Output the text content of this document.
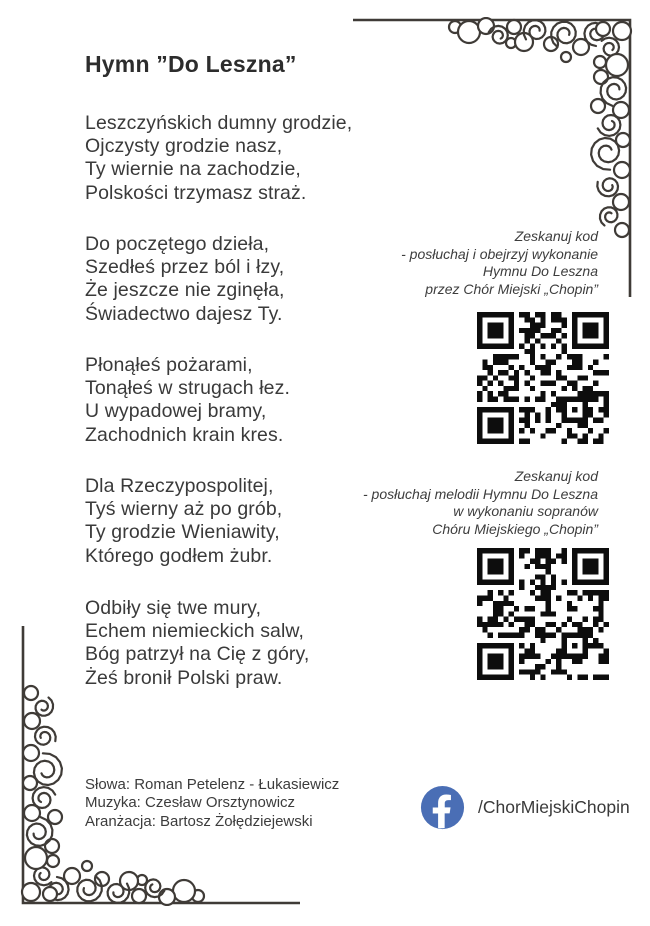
Hymn ”Do Leszna”
Leszczyńskich dumny grodzie,
Ojczysty grodzie nasz,
Ty wiernie na zachodzie,
Polskości trzymasz straż.
Do poczętego dzieła,
Szedłeś przez ból i łzy,
Że jeszcze nie zginęła,
Świadectwo dajesz Ty.
Płonąłeś pożarami,
Tonąłeś w strugach łez.
U wypadowej bramy,
Zachodnich krain kres.
Dla Rzeczypospolitej,
Tyś wierny aż po grób,
Ty grodzie Wieniawity,
Którego godłem żubr.
Odbiły się twe mury,
Echem niemieckich salw,
Bóg patrzył na Cię z góry,
Żeś bronił Polski praw.
Zeskanuj kod
- posłuchaj i obejrzyj wykonanie
Hymnu Do Leszna
przez Chór Miejski „Chopin”
Zeskanuj kod
- posłuchaj melodii Hymnu Do Leszna
w wykonaniu sopranów
Chóru Miejskiego „Chopin”
Słowa: Roman Petelenz - Łukasiewicz
Muzyka: Czesław Orsztynowicz
Aranżacja: Bartosz Żołędziejewski
/ChorMiejskiChopin
